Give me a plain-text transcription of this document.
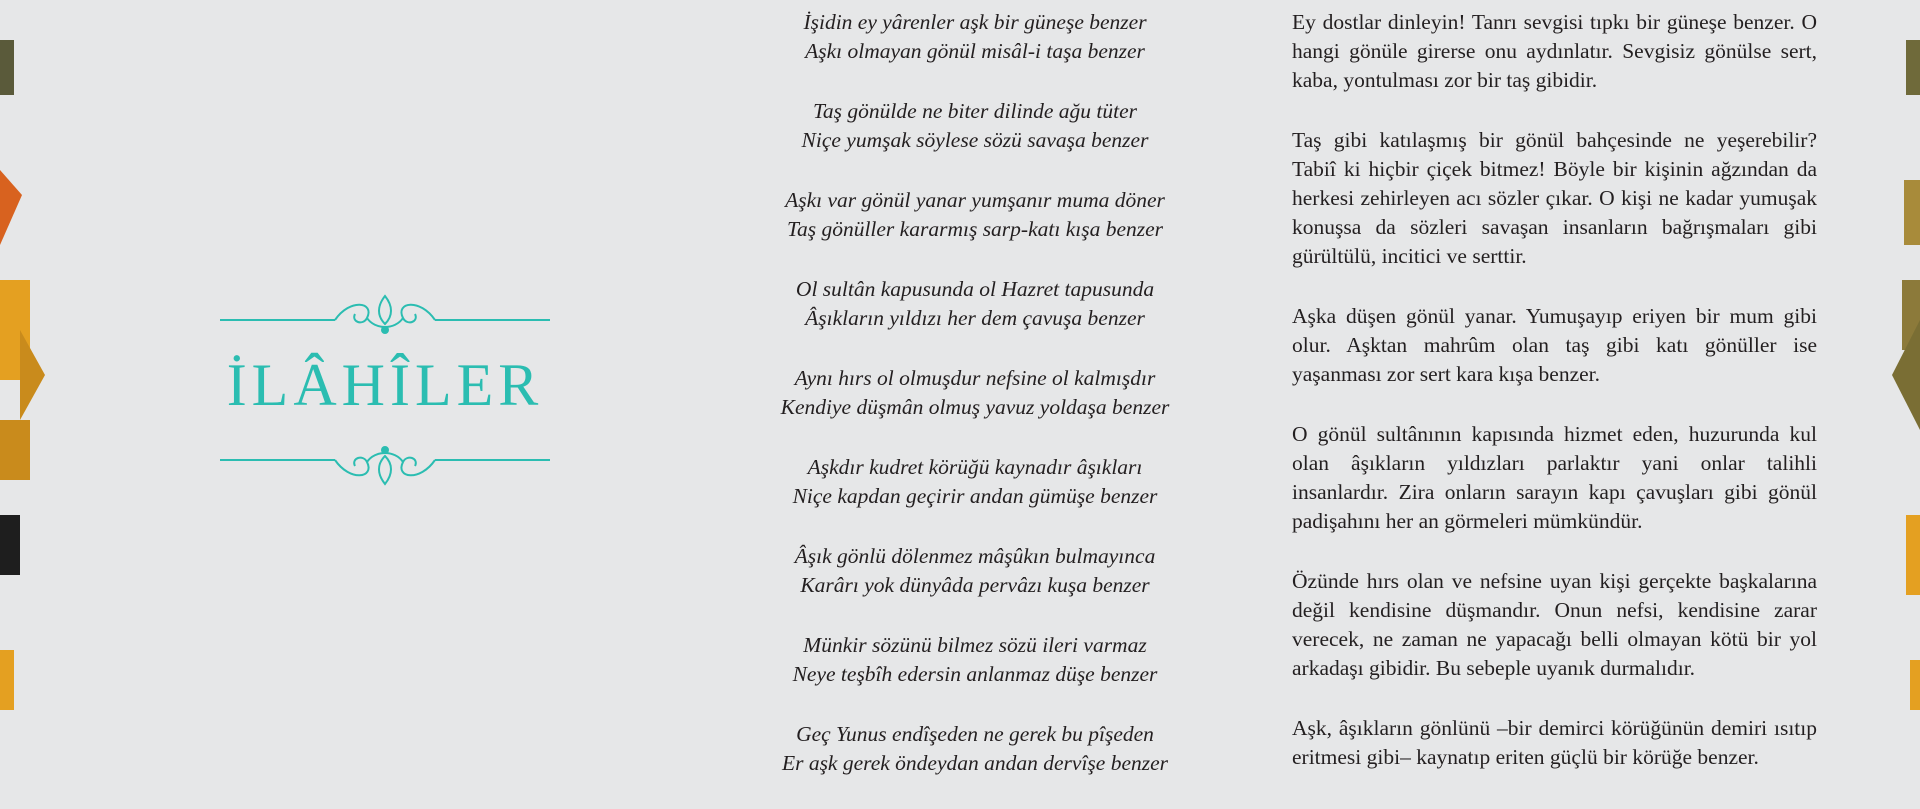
İLÂHÎLER
İşidin ey yârenler aşk bir güneşe benzer
Aşkı olmayan gönül misâl-i taşa benzer
Taş gönülde ne biter dilinde ağu tüter
Niçe yumşak söylese sözü savaşa benzer
Aşkı var gönül yanar yumşanır muma döner
Taş gönüller kararmış sarp-katı kışa benzer
Ol sultân kapusunda ol Hazret tapusunda
Âşıkların yıldızı her dem çavuşa benzer
Aynı hırs ol olmuşdur nefsine ol kalmışdır
Kendiye düşmân olmuş yavuz yoldaşa benzer
Aşkdır kudret körüğü kaynadır âşıkları
Niçe kapdan geçirir andan gümüşe benzer
Âşık gönlü dölenmez mâşûkın bulmayınca
Karârı yok dünyâda pervâzı kuşa benzer
Münkir sözünü bilmez sözü ileri varmaz
Neye teşbîh edersin anlanmaz düşe benzer
Geç Yunus endîşeden ne gerek bu pîşeden
Er aşk gerek öndeydan andan dervîşe benzer

Ey dostlar dinleyin! Tanrı sevgisi tıpkı bir güneşe benzer. O hangi gönüle girerse onu aydınlatır. Sevgisiz gönülse sert, kaba, yontulması zor bir taş gibidir.

Taş gibi katılaşmış bir gönül bahçesinde ne yeşerebilir? Tabiî ki hiçbir çiçek bitmez! Böyle bir kişinin ağzından da herkesi zehirleyen acı sözler çıkar. O kişi ne kadar yumuşak konuşsa da sözleri savaşan insanların bağrışmaları gibi gürültülü, incitici ve serttir.

Aşka düşen gönül yanar. Yumuşayıp eriyen bir mum gibi olur. Aşktan mahrûm olan taş gibi katı gönüller ise yaşanması zor sert kara kışa benzer.

O gönül sultânının kapısında hizmet eden, huzurunda kul olan âşıkların yıldızları parlaktır yani onlar talihli insanlardır. Zira onların sarayın kapı çavuşları gibi gönül padişahını her an görmeleri mümkündür.

Özünde hırs olan ve nefsine uyan kişi gerçekte başkalarına değil kendisine düşmandır. Onun nefsi, kendisine zarar verecek, ne zaman ne yapacağı belli olmayan kötü bir yol arkadaşı gibidir. Bu sebeple uyanık durmalıdır.

Aşk, âşıkların gönlünü –bir demirci körüğünün demiri ısıtıp eritmesi gibi– kaynatıp eriten güçlü bir körüğe benzer.
